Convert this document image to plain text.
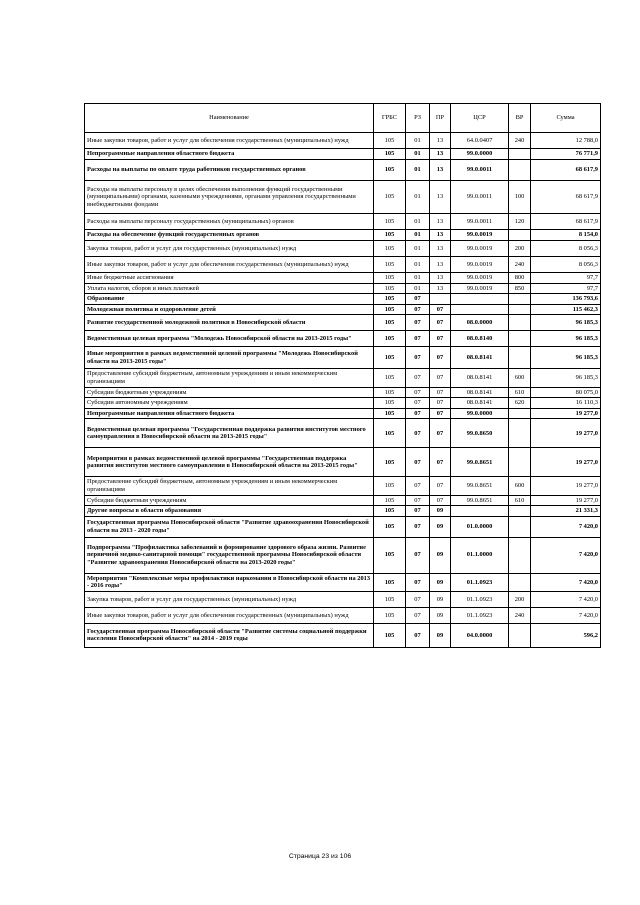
Наименование	ГРБС	РЗ	ПР	ЦСР	ВР	Сумма
Иные закупки товаров, работ и услуг для обеспечения государственных (муниципальных) нужд	105	01	13	64.0.0407	240	12 788,0
Непрограммные направления областного бюджета	105	01	13	99.0.0000		76 771,9
Расходы на выплаты по оплате труда работников государственных органов	105	01	13	99.0.0011		68 617,9
Расходы на выплаты персоналу в целях обеспечения выполнения функций государственными (муниципальными) органами, казенными учреждениями, органами управления государственными внебюджетными фондами	105	01	13	99.0.0011	100	68 617,9
Расходы на выплаты персоналу государственных (муниципальных) органов	105	01	13	99.0.0011	120	68 617,9
Расходы на обеспечение функций государственных органов	105	01	13	99.0.0019		8 154,0
Закупка товаров, работ и услуг для государственных (муниципальных) нужд	105	01	13	99.0.0019	200	8 056,3
Иные закупки товаров, работ и услуг для обеспечения государственных (муниципальных) нужд	105	01	13	99.0.0019	240	8 056,3
Иные бюджетные ассигнования	105	01	13	99.0.0019	800	97,7
Уплата налогов, сборов и иных платежей	105	01	13	99.0.0019	850	97,7
Образование	105	07				136 793,6
Молодежная политика и оздоровление детей	105	07	07			115 462,3
Развитие государственной молодежной политики в Новосибирской области	105	07	07	08.0.0000		96 185,3
Ведомственная целевая программа "Молодежь Новосибирской области на 2013-2015 годы"	105	07	07	08.0.8140		96 185,3
Иные мероприятия в рамках ведомственной целевой программы "Молодежь Новосибирской области на 2013-2015 годы"	105	07	07	08.0.8141		96 185,3
Предоставление субсидий бюджетным, автономным учреждениям и иным некоммерческим организациям	105	07	07	08.0.8141	600	96 185,3
Субсидии бюджетным учреждениям	105	07	07	08.0.8141	610	80 075,0
Субсидии автономным учреждениям	105	07	07	08.0.8141	620	16 110,3
Непрограммные направления областного бюджета	105	07	07	99.0.0000		19 277,0
Ведомственная целевая программа "Государственная поддержка развития институтов местного самоуправления в Новосибирской области на 2013-2015 годы"	105	07	07	99.0.8650		19 277,0
Мероприятия в рамках ведомственной целевой программы "Государственная поддержка развития институтов местного самоуправления в Новосибирской области на 2013-2015 годы"	105	07	07	99.0.8651		19 277,0
Предоставление субсидий бюджетным, автономным учреждениям и иным некоммерческим организациям	105	07	07	99.0.8651	600	19 277,0
Субсидии бюджетным учреждениям	105	07	07	99.0.8651	610	19 277,0
Другие вопросы в области образования	105	07	09			21 331,3
Государственная программа Новосибирской области "Развитие здравоохранения Новосибирской области на 2013 - 2020 годы"	105	07	09	01.0.0000		7 420,0
Подпрограмма "Профилактика заболеваний и формирование здорового образа жизни. Развитие первичной медико-санитарной помощи" государственной программы Новосибирской области "Развитие здравоохранения Новосибирской области на 2013-2020 годы"	105	07	09	01.1.0000		7 420,0
Мероприятия "Комплексные меры профилактики наркомании в Новосибирской области на 2013 - 2016 годы"	105	07	09	01.1.0923		7 420,0
Закупка товаров, работ и услуг для государственных (муниципальных) нужд	105	07	09	01.1.0923	200	7 420,0
Иные закупки товаров, работ и услуг для обеспечения государственных (муниципальных) нужд	105	07	09	01.1.0923	240	7 420,0
Государственная программа Новосибирской области "Развитие системы социальной поддержки населения Новосибирской области" на 2014 - 2019 годы	105	07	09	04.0.0000		596,2
Страница 23 из 106
